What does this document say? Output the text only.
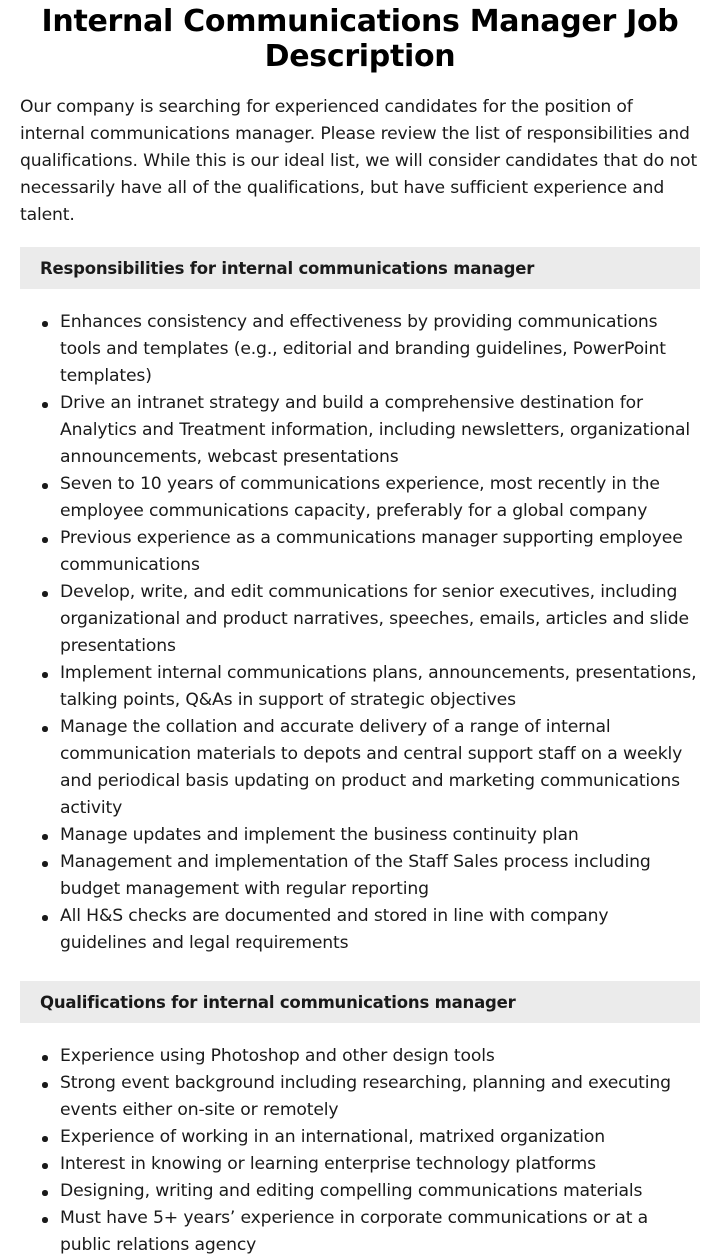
Internal Communications Manager Job Description

Our company is searching for experienced candidates for the position of internal communications manager. Please review the list of responsibilities and qualifications. While this is our ideal list, we will consider candidates that do not necessarily have all of the qualifications, but have sufficient experience and talent.

Responsibilities for internal communications manager
Enhances consistency and effectiveness by providing communications tools and templates (e.g., editorial and branding guidelines, PowerPoint templates)
Drive an intranet strategy and build a comprehensive destination for Analytics and Treatment information, including newsletters, organizational announcements, webcast presentations
Seven to 10 years of communications experience, most recently in the employee communications capacity, preferably for a global company
Previous experience as a communications manager supporting employee communications
Develop, write, and edit communications for senior executives, including organizational and product narratives, speeches, emails, articles and slide presentations
Implement internal communications plans, announcements, presentations, talking points, Q&As in support of strategic objectives
Manage the collation and accurate delivery of a range of internal communication materials to depots and central support staff on a weekly and periodical basis updating on product and marketing communications activity
Manage updates and implement the business continuity plan
Management and implementation of the Staff Sales process including budget management with regular reporting
All H&S checks are documented and stored in line with company guidelines and legal requirements
Qualifications for internal communications manager
Experience using Photoshop and other design tools
Strong event background including researching, planning and executing events either on-site or remotely
Experience of working in an international, matrixed organization
Interest in knowing or learning enterprise technology platforms
Designing, writing and editing compelling communications materials
Must have 5+ years’ experience in corporate communications or at a public relations agency
